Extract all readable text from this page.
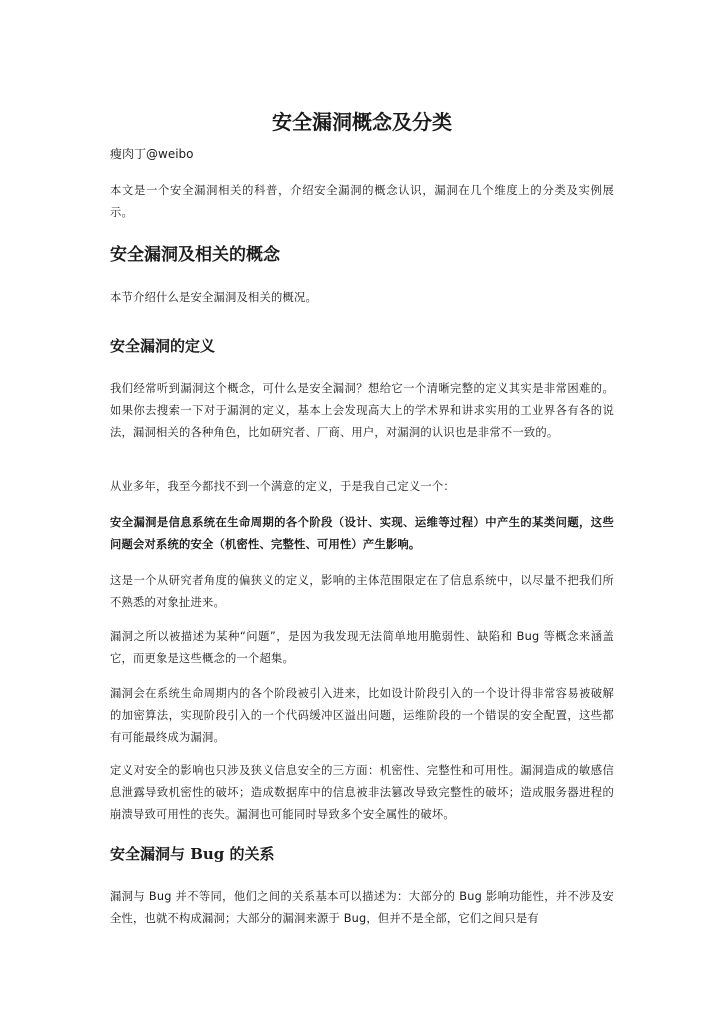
安全漏洞概念及分类
瘦肉丁@weibo
本文是一个安全漏洞相关的科普，介绍安全漏洞的概念认识，漏洞在几个维度上的分类及实例展示。
安全漏洞及相关的概念
本节介绍什么是安全漏洞及相关的概况。
安全漏洞的定义
我们经常听到漏洞这个概念，可什么是安全漏洞？想给它一个清晰完整的定义其实是非常困难的。如果你去搜索一下对于漏洞的定义，基本上会发现高大上的学术界和讲求实用的工业界各有各的说法，漏洞相关的各种角色，比如研究者、厂商、用户，对漏洞的认识也是非常不一致的。
从业多年，我至今都找不到一个满意的定义，于是我自己定义一个：
安全漏洞是信息系统在生命周期的各个阶段（设计、实现、运维等过程）中产生的某类问题，这些问题会对系统的安全（机密性、完整性、可用性）产生影响。
这是一个从研究者角度的偏狭义的定义，影响的主体范围限定在了信息系统中，以尽量不把我们所不熟悉的对象扯进来。
漏洞之所以被描述为某种“问题”，是因为我发现无法简单地用脆弱性、缺陷和 Bug 等概念来涵盖它，而更象是这些概念的一个超集。
漏洞会在系统生命周期内的各个阶段被引入进来，比如设计阶段引入的一个设计得非常容易被破解的加密算法，实现阶段引入的一个代码缓冲区溢出问题，运维阶段的一个错误的安全配置，这些都有可能最终成为漏洞。
定义对安全的影响也只涉及狭义信息安全的三方面：机密性、完整性和可用性。漏洞造成的敏感信息泄露导致机密性的破坏；造成数据库中的信息被非法篡改导致完整性的破坏；造成服务器进程的崩溃导致可用性的丧失。漏洞也可能同时导致多个安全属性的破坏。
安全漏洞与 Bug 的关系
漏洞与 Bug 并不等同，他们之间的关系基本可以描述为：大部分的 Bug 影响功能性，并不涉及安全性，也就不构成漏洞；大部分的漏洞来源于 Bug，但并不是全部，它们之间只是有
